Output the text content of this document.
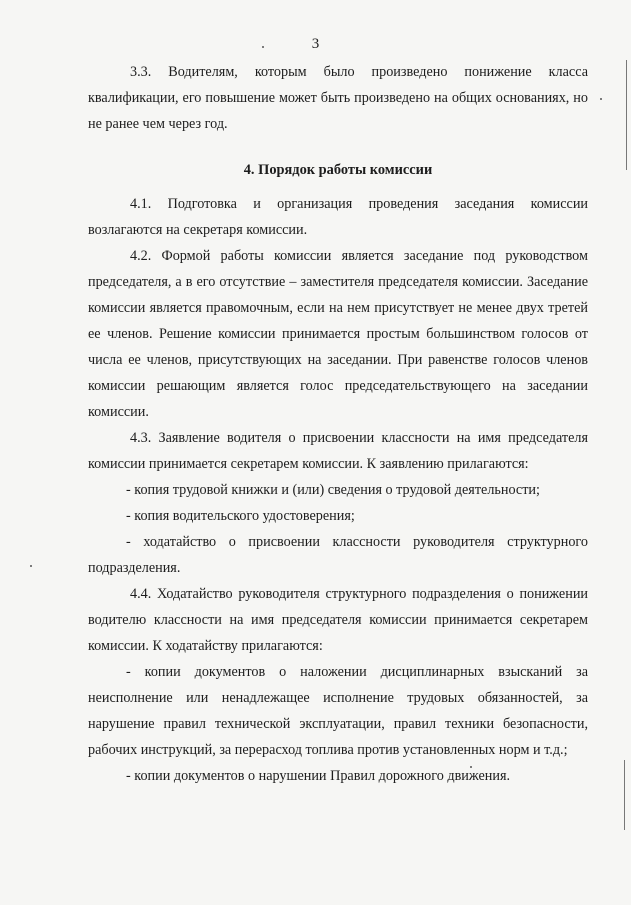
3

3.3. Водителям, которым было произведено понижение класса квалификации, его повышение может быть произведено на общих основаниях, но не ранее чем через год.

4. Порядок работы комиссии

4.1. Подготовка и организация проведения заседания комиссии возлагаются на секретаря комиссии.

4.2. Формой работы комиссии является заседание под руководством председателя, а в его отсутствие – заместителя председателя комиссии. Заседание комиссии является правомочным, если на нем присутствует не менее двух третей ее членов. Решение комиссии принимается простым большинством голосов от числа ее членов, присутствующих на заседании. При равенстве голосов членов комиссии решающим является голос председательствующего на заседании комиссии.

4.3. Заявление водителя о присвоении классности на имя председателя комиссии принимается секретарем комиссии. К заявлению прилагаются:

- копия трудовой книжки и (или) сведения о трудовой деятельности;

- копия водительского удостоверения;

- ходатайство о присвоении классности руководителя структурного подразделения.

4.4. Ходатайство руководителя структурного подразделения о понижении водителю классности на имя председателя комиссии принимается секретарем комиссии. К ходатайству прилагаются:

- копии документов о наложении дисциплинарных взысканий за неисполнение или ненадлежащее исполнение трудовых обязанностей, за нарушение правил технической эксплуатации, правил техники безопасности, рабочих инструкций, за перерасход топлива против установленных норм и т.д.;

- копии документов о нарушении Правил дорожного движения.
